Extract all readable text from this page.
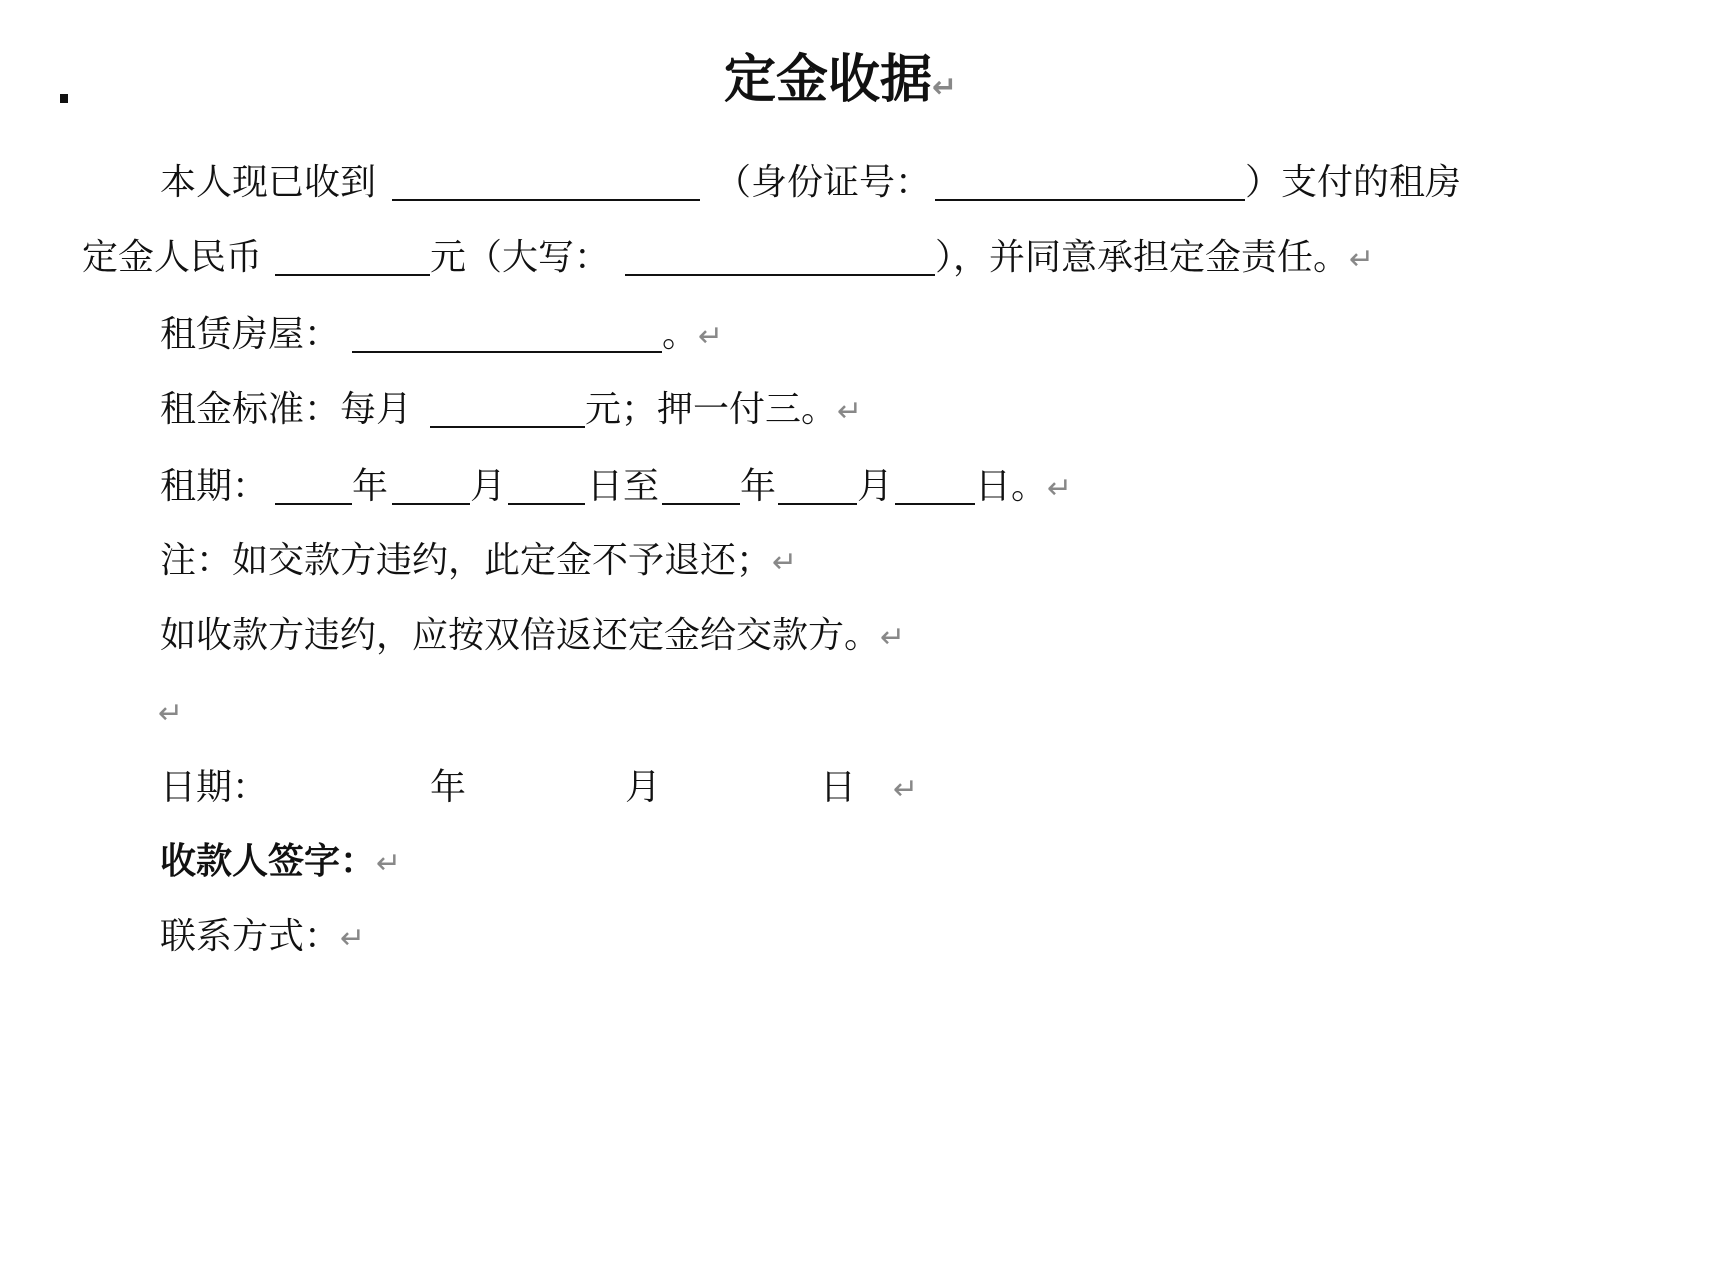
定金收据↵
本人现已收到	（身份证号：	）支付的租房
定金人民币	元（大写：	），并同意承担定金责任。↵
租赁房屋：	。↵
租金标准：每月	元；押一付三。↵
租期： 年 月 日至 年 月 日。↵
注：如交款方违约，此定金不予退还；↵
如收款方违约，应按双倍返还定金给交款方。↵
↵
日期：	年	月	日 ↵
收款人签字：↵
联系方式：↵
